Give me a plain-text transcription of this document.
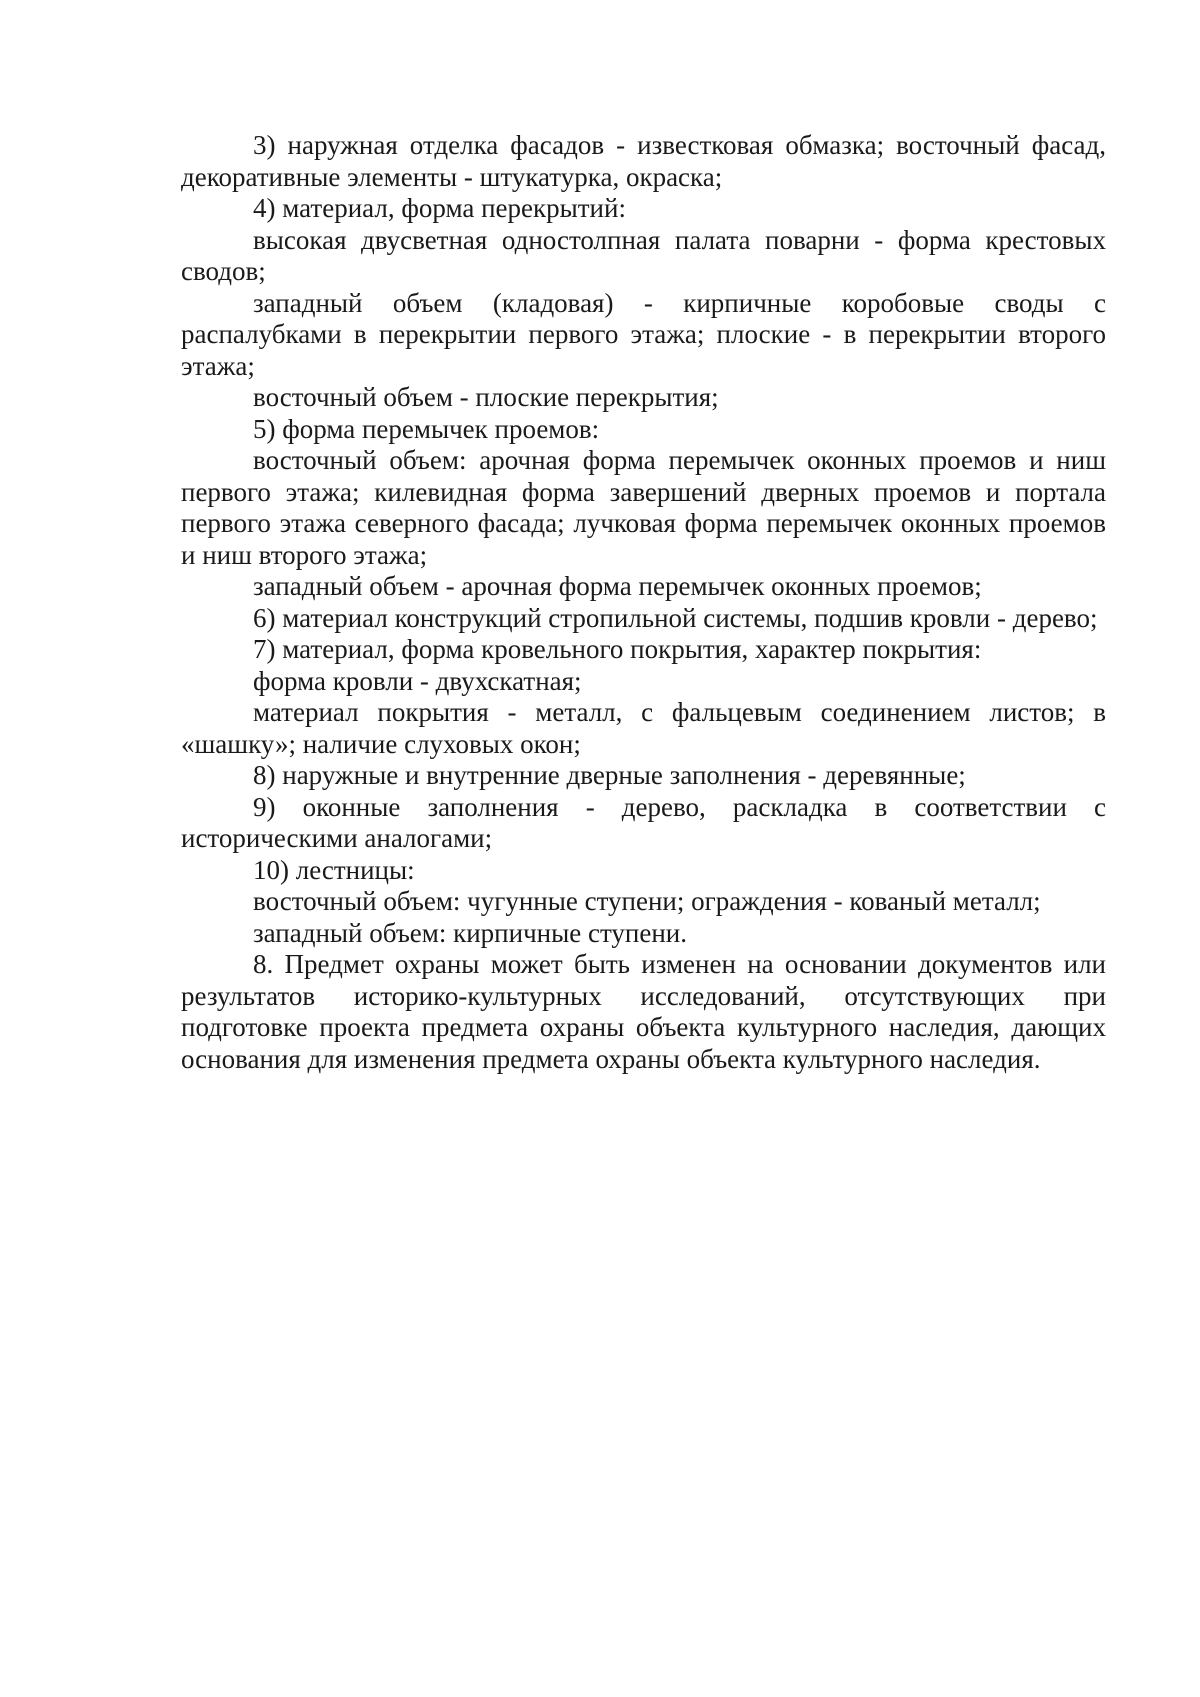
3) наружная отделка фасадов - известковая обмазка; восточный фасад, декоративные элементы - штукатурка, окраска;

4) материал, форма перекрытий:

высокая двусветная одностолпная палата поварни - форма крестовых сводов;

западный объем (кладовая) - кирпичные коробовые своды с распалубками в перекрытии первого этажа; плоские - в перекрытии второго этажа;

восточный объем - плоские перекрытия;

5) форма перемычек проемов:

восточный объем: арочная форма перемычек оконных проемов и ниш первого этажа; килевидная форма завершений дверных проемов и портала первого этажа северного фасада; лучковая форма перемычек оконных проемов и ниш второго этажа;

западный объем - арочная форма перемычек оконных проемов;

6) материал конструкций стропильной системы, подшив кровли - дерево;

7) материал, форма кровельного покрытия, характер покрытия:

форма кровли - двухскатная;

материал покрытия - металл, с фальцевым соединением листов; в «шашку»; наличие слуховых окон;

8) наружные и внутренние дверные заполнения - деревянные;

9) оконные заполнения - дерево, раскладка в соответствии с историческими аналогами;

10) лестницы:

восточный объем: чугунные ступени; ограждения - кованый металл;

западный объем: кирпичные ступени.

8. Предмет охраны может быть изменен на основании документов или результатов историко-культурных исследований, отсутствующих при подготовке проекта предмета охраны объекта культурного наследия, дающих основания для изменения предмета охраны объекта культурного наследия.
